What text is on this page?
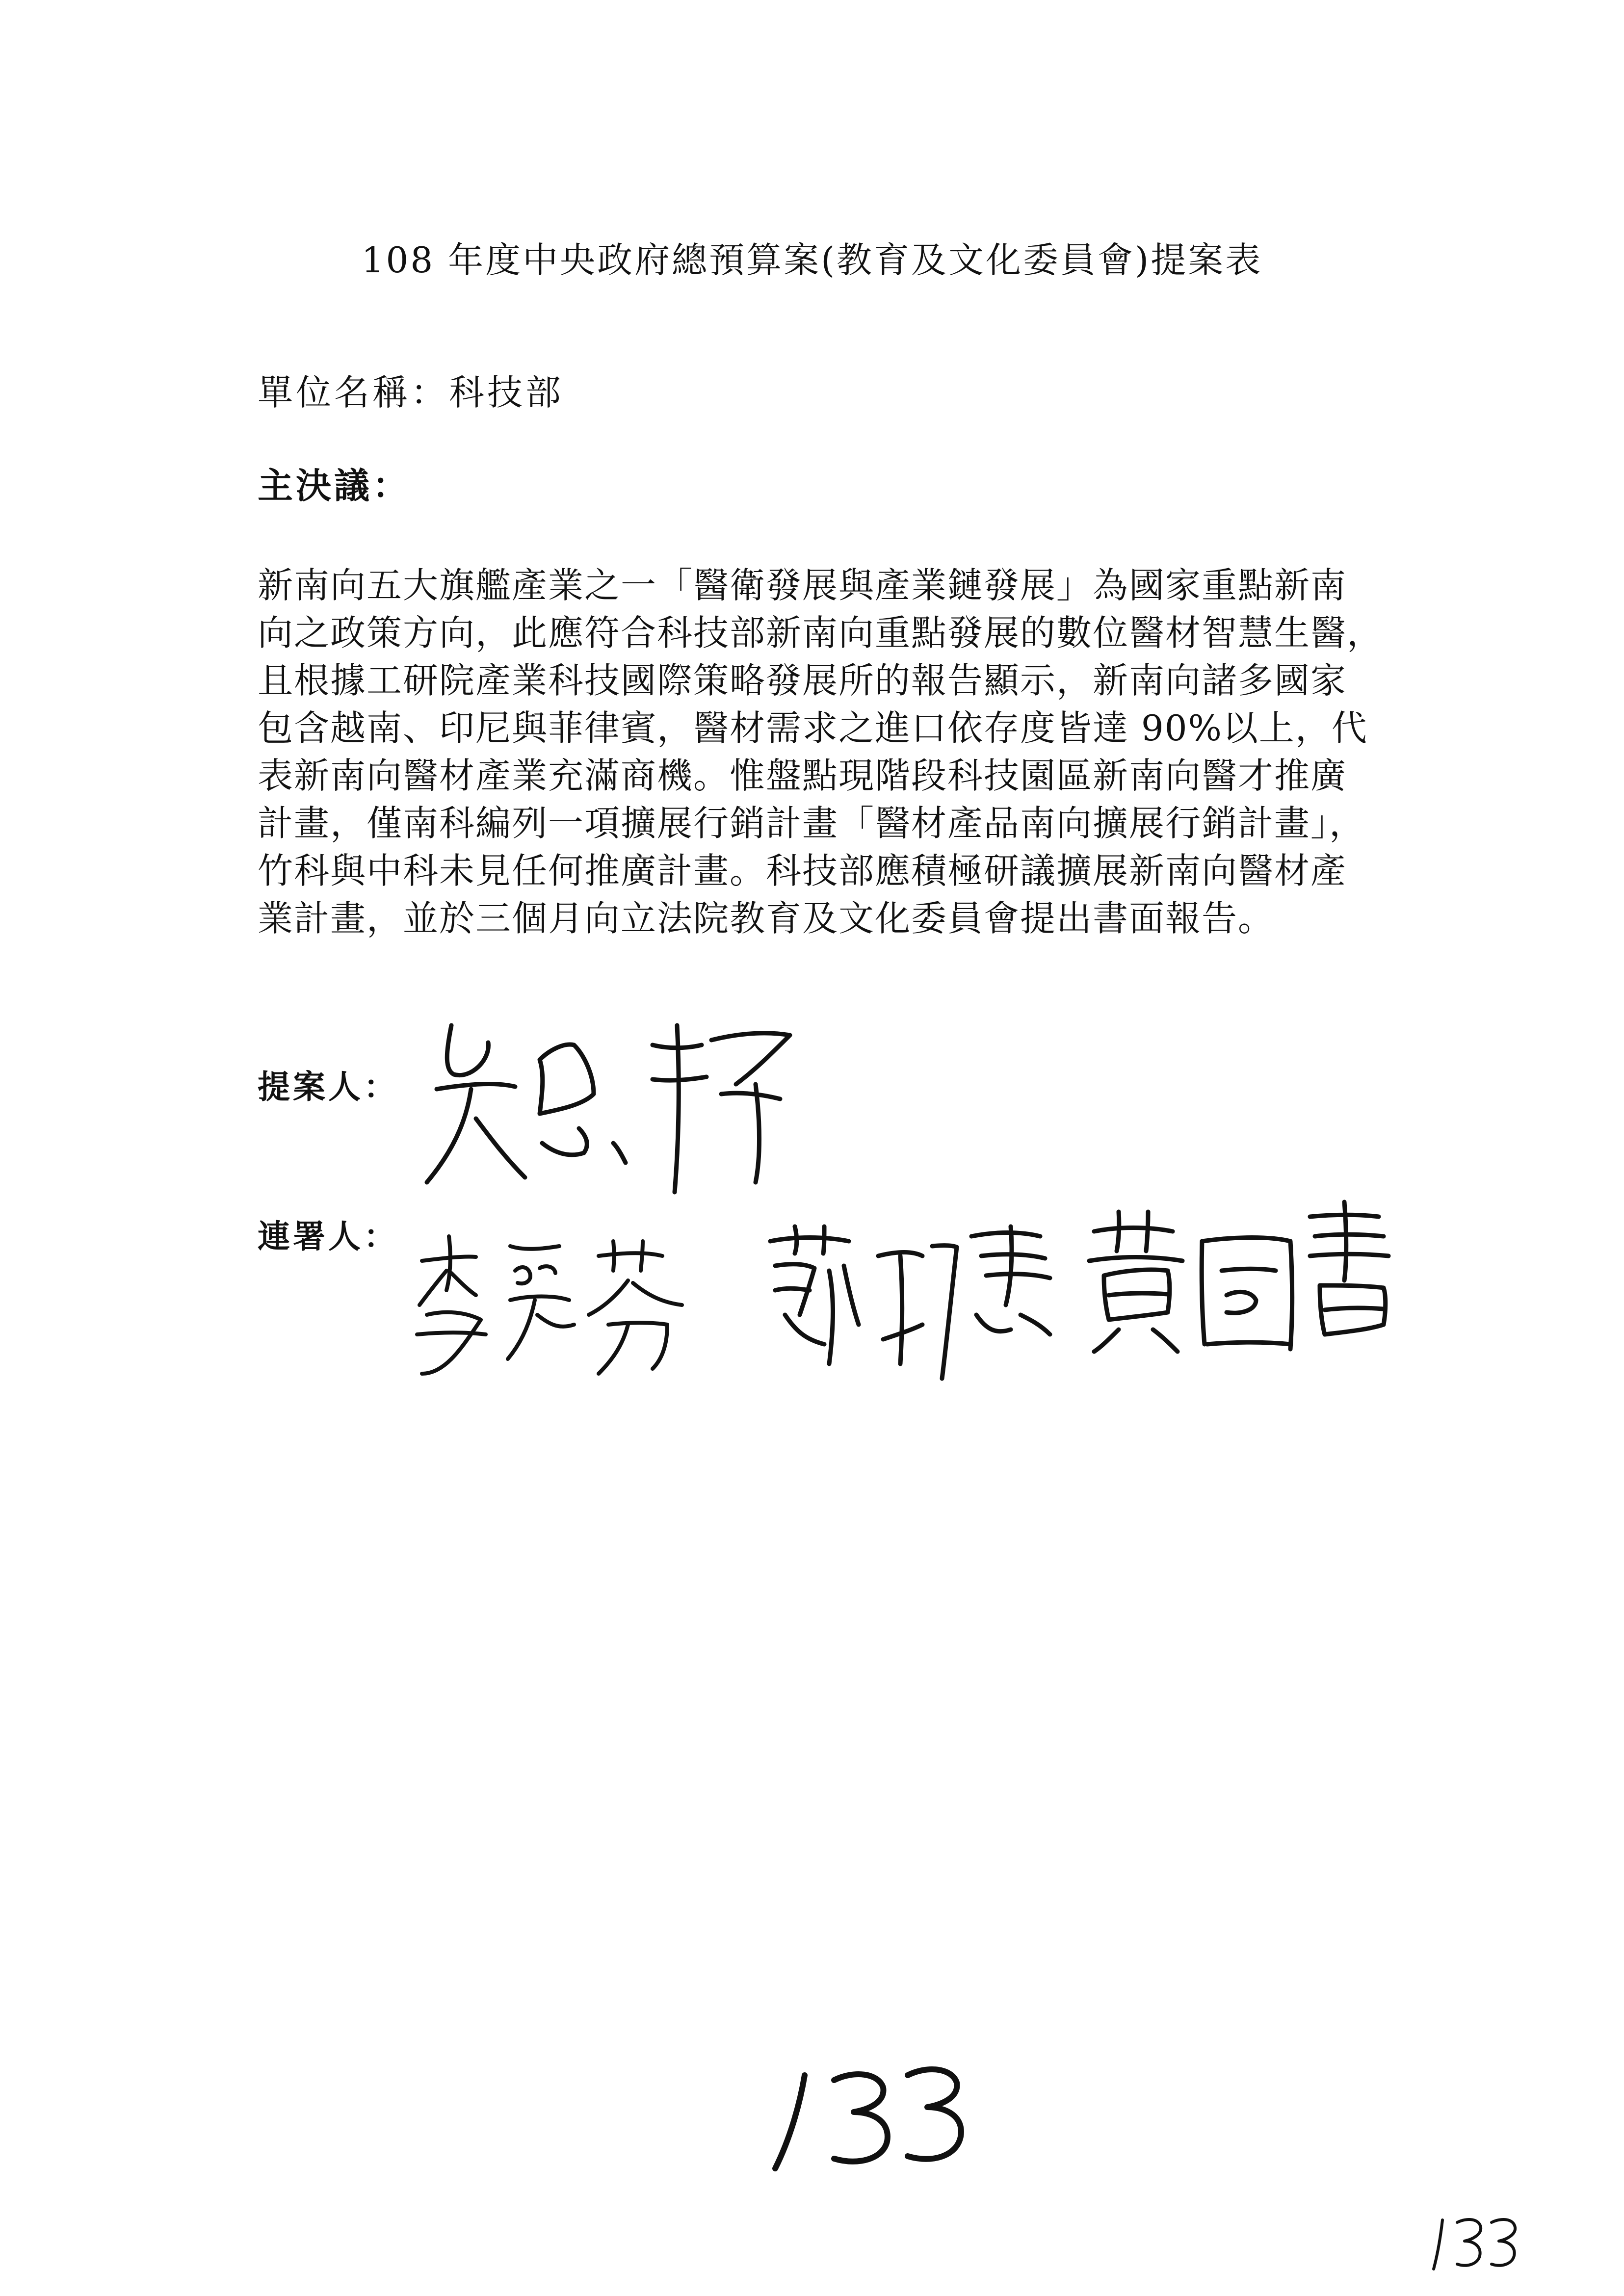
108 年度中央政府總預算案(教育及文化委員會)提案表
單位名稱：科技部
主決議：
新南向五大旗艦產業之一「醫衛發展與產業鏈發展」為國家重點新南
向之政策方向，此應符合科技部新南向重點發展的數位醫材智慧生醫，
且根據工研院產業科技國際策略發展所的報告顯示，新南向諸多國家
包含越南、印尼與菲律賓，醫材需求之進口依存度皆達 90%以上，代
表新南向醫材產業充滿商機。惟盤點現階段科技園區新南向醫才推廣
計畫，僅南科編列一項擴展行銷計畫「醫材產品南向擴展行銷計畫」，
竹科與中科未見任何推廣計畫。科技部應積極研議擴展新南向醫材產
業計畫，並於三個月向立法院教育及文化委員會提出書面報告。
提案人：
連署人：
